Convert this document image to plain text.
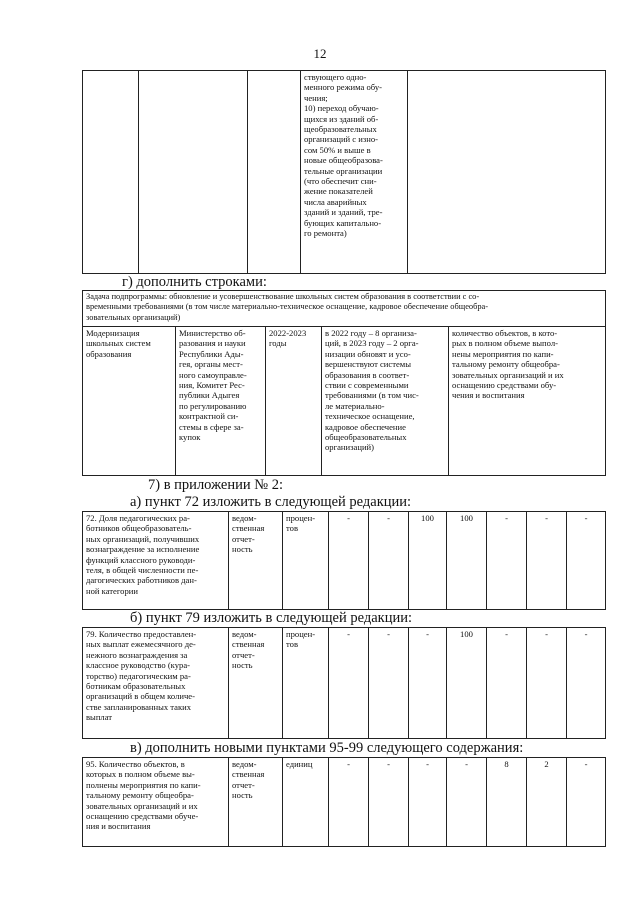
12

ствующего одно-
менного режима обу-
чения;
10) переход обучаю-
щихся из зданий об-
щеобразовательных
организаций с изно-
сом 50% и выше в
новые общеобразова-
тельные организации
(что обеспечит сни-
жение показателей
числа аварийных
зданий и зданий, тре-
бующих капитально-
го ремонта)

г) дополнить строками:
Задача подпрограммы: обновление и усовершенствование школьных систем образования в соответствии с со-
временными требованиями (в том числе материально-техническое оснащение, кадровое обеспечение общеобра-
зовательных организаций)

Модернизация
школьных систем
образования

Министерство об-
разования и науки
Республики Ады-
гея, органы мест-
ного самоуправле-
ния, Комитет Рес-
публики Адыгея
по регулированию
контрактной си-
стемы в сфере за-
купок

2022-2023
годы

в 2022 году – 8 организа-
ций, в 2023 году – 2 орга-
низации обновят и усо-
вершенствуют системы
образования в соответ-
ствии с современными
требованиями (в том чис-
ле материально-
техническое оснащение,
кадровое обеспечение
общеобразовательных
организаций)

количество объектов, в кото-
рых в полном объеме выпол-
нены мероприятия по капи-
тальному ремонту общеобра-
зовательных организаций и их
оснащению средствами обу-
чения и воспитания
7) в приложении № 2:
а) пункт 72 изложить в следующей редакции:
72. Доля педагогических ра-
ботников общеобразователь-
ных организаций, получивших
вознаграждение за исполнение
функций классного руководи-
теля, в общей численности пе-
дагогических работников дан-
ной категории

ведом-
ственная
отчет-
ность

процен-
тов
	-	-	100	100	-	-	-
б) пункт 79 изложить в следующей редакции:
79. Количество предоставлен-
ных выплат ежемесячного де-
нежного вознаграждения за
классное руководство (кура-
торство) педагогическим ра-
ботникам образовательных
организаций в общем количе-
стве запланированных таких
выплат

ведом-
ственная
отчет-
ность

процен-
тов
	-	-	-	100	-	-	-
в) дополнить новыми пунктами 95-99 следующего содержания:
95. Количество объектов, в
которых в полном объеме вы-
полнены мероприятия по капи-
тальному ремонту общеобра-
зовательных организаций и их
оснащению средствами обуче-
ния и воспитания

ведом-
ственная
отчет-
ность

единиц	-	-	-	-	8	2	-
